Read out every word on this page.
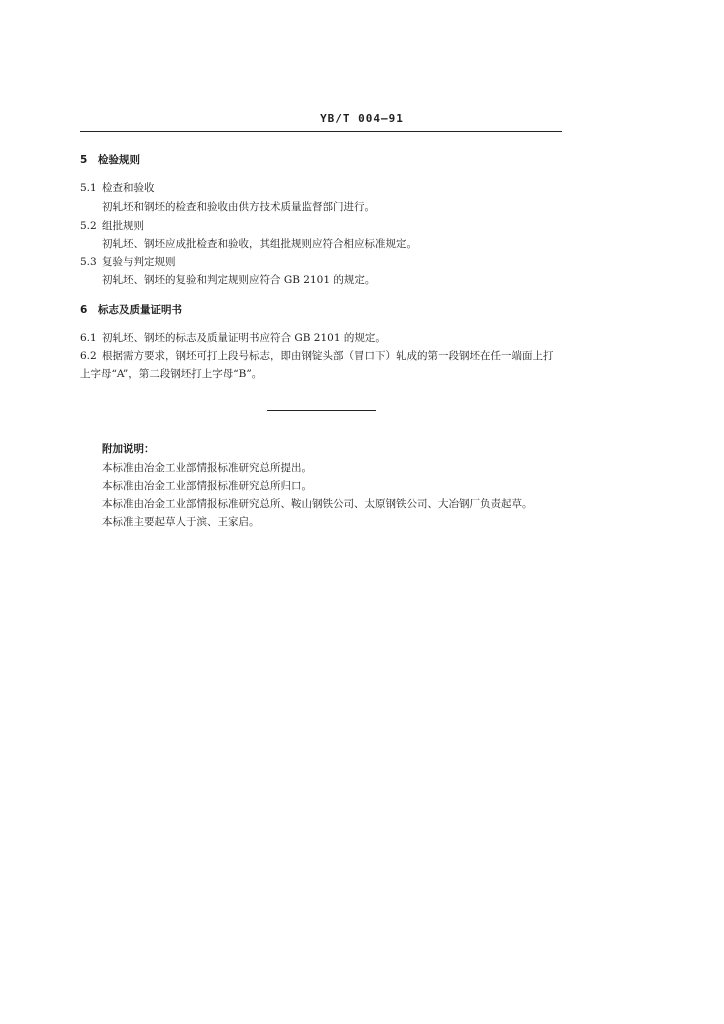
YB/T 004—91
5 检验规则
5.1 检查和验收
初轧坯和钢坯的检查和验收由供方技术质量监督部门进行。
5.2 组批规则
初轧坯、钢坯应成批检查和验收，其组批规则应符合相应标准规定。
5.3 复验与判定规则
初轧坯、钢坯的复验和判定规则应符合 GB 2101 的规定。
6 标志及质量证明书
6.1 初轧坯、钢坯的标志及质量证明书应符合 GB 2101 的规定。
6.2 根据需方要求，钢坯可打上段号标志，即由钢锭头部（冒口下）轧成的第一段钢坯在任一端面上打
上字母“A”，第二段钢坯打上字母“B”。
附加说明：
本标准由冶金工业部情报标准研究总所提出。
本标准由冶金工业部情报标准研究总所归口。
本标准由冶金工业部情报标准研究总所、鞍山钢铁公司、太原钢铁公司、大冶钢厂负责起草。
本标准主要起草人于滨、王家启。
